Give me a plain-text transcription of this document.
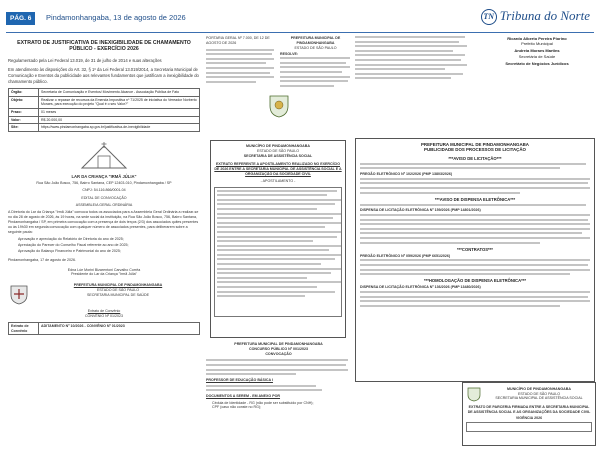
PÁG. 6	Pindamonhangaba, 13 de agosto de 2026	TN Tribuna do Norte
EXTRATO DE JUSTIFICATIVA DE INEXIGIBILIDADE DE CHAMAMENTO PÚBLICO - EXERCÍCIO 2026
Regulamentado pela Lei Federal 13.019, de 31 de julho de 2014 e suas alterações
Em atendimento às disposições do Art. 32, § 1º da Lei Federal 13.019/2014, a Secretaria Municipal de Comunicação e Eventos da publicidade aos relevantes fundamentos que justificam a inexigibilidade do chamamento público.
Órgão:	Secretaria de Comunicação e Eventos/ Movimento Alcance - Associação Pública de Fato
Objeto:	Realizar o repasse de recursos da Emenda Impositiva nº 71/2025 de iniciativa do Vereador Norberto Moraes, para execução do projeto "Qual é o seu Valor?"
Prazo:	01 meses
Valor:	R$ 20.000,00
Site:	https://www.pindamonhangaba.sp.gov.br/justificativa-de-inexigibilidade
LAR DA CRIANÇA "IRMÃ JÚLIA"
Rua São João Bosco, 756, Bairro Santana, CEP 12403-010, Pindamonhangaba / SP
CNPJ: 54.116.866/0001-04
EDITAL DE CONVOCAÇÃO
ASSEMBLEIA GERAL ORDINÁRIA
A Diretoria do Lar da Criança "Irmã Júlia" convoca todos os associados para a Assembleia Geral Ordinária a realizar-se no dia 28 de agosto de 2026, às 19 horas, na sede social da instituição, na Rua São João Bosco, 756, Bairro Santana, Pindamonhangaba / SP, em primeira convocação com a presença de dois terços (2/3) dos associados quites presentes ou às 19h30 em segunda convocação com qualquer número de associados presentes, para deliberarem sobre a seguinte pauta:
Aprovação e apreciação do Relatório de Diretoria do ano de 2025;
Apreciação do Parecer do Conselho Fiscal referente ao ano de 2025;
Aprovação do Balanço Financeiro e Patrimonial do ano de 2025;
Pindamonhangaba, 17 de agosto de 2026.
Edna Lúe Morini Bizarentoni Carvalho Corrêa
Presidente do Lar da Criança "Irmã Júlia"
PREFEITURA MUNICIPAL DE PINDAMONHANGABA
ESTADO DE SÃO PAULO
SECRETARIA MUNICIPAL DE SAÚDE
Extrato de Convênio
CONVÊNIO Nº 01/2023
Extrato de Convênio
ADITAMENTO Nº 10/2026 - CONVÊNIO Nº 01/2023
PORTARIA GERAL Nº 7.000, DE 12 DE AGOSTO DE 2026
PREFEITURA MUNICIPAL DE PINDAMONHANGABA
ESTADO DE SÃO PAULO
RESOLVE:
MUNICÍPIO DE PINDAMONHANGABA
ESTADO DE SÃO PAULO
SECRETARIA DE ASSISTÊNCIA SOCIAL
EXTRATO REFERENTE A APOSTILAMENTO REALIZADO NO EXERCÍCIO DE 2026 ENTRE A SECRETARIA MUNICIPAL DE ASSISTÊNCIA SOCIAL E A ORGANIZAÇÃO DA SOCIEDADE CIVIL
- APOSTILAMENTO -
PREFEITURA MUNICIPAL DE PINDAMONHANGABA
CONCURSO PÚBLICO Nº 001/2023
CONVOCAÇÃO
PROFESSOR DE EDUCAÇÃO BÁSICA I
DOCUMENTOS A SEREM - EM ANEXO POR
Cédula de Identidade - RG (não pode ser substituído por CNH);
CPF (caso não conste no RG);
Ricardo Alberto Pereira Piorino
Prefeito Municipal
Andreia Moraes Martins
Secretária de Saúde
Secretário de Negócios Jurídicos
PREFEITURA MUNICIPAL DE PINDAMONHANGABA
PUBLICIDADE DOS PROCESSOS DE LICITAÇÃO
***AVISO DE LICITAÇÃO***
PREGÃO ELETRÔNICO Nº 102/2026 (PMP 13803/2026)
***AVISO DE DISPENSA ELETRÔNICA***
DISPENSA DE LICITAÇÃO ELETRÔNICA Nº 159/2026 (PMP 14801/2026)
***CONTRATOS***
PREGÃO ELETRÔNICO Nº 059/2026 (PMP 6651/2026)
***HOMOLOGAÇÃO DE DISPENSA ELETRÔNICA***
DISPENSA DE LICITAÇÃO ELETRÔNICA Nº 136/2026 (PMP 13480/2026)
MUNICÍPIO DE PINDAMONHANGABA
ESTADO DE SÃO PAULO
SECRETARIA MUNICIPAL DE ASSISTÊNCIA SOCIAL
EXTRATO DE PARCERIA FIRMADA ENTRE A SECRETARIA MUNICIPAL DE ASSISTÊNCIA SOCIAL E AS ORGANIZAÇÕES DA SOCIEDADE CIVIL
VIGÊNCIA 2026
